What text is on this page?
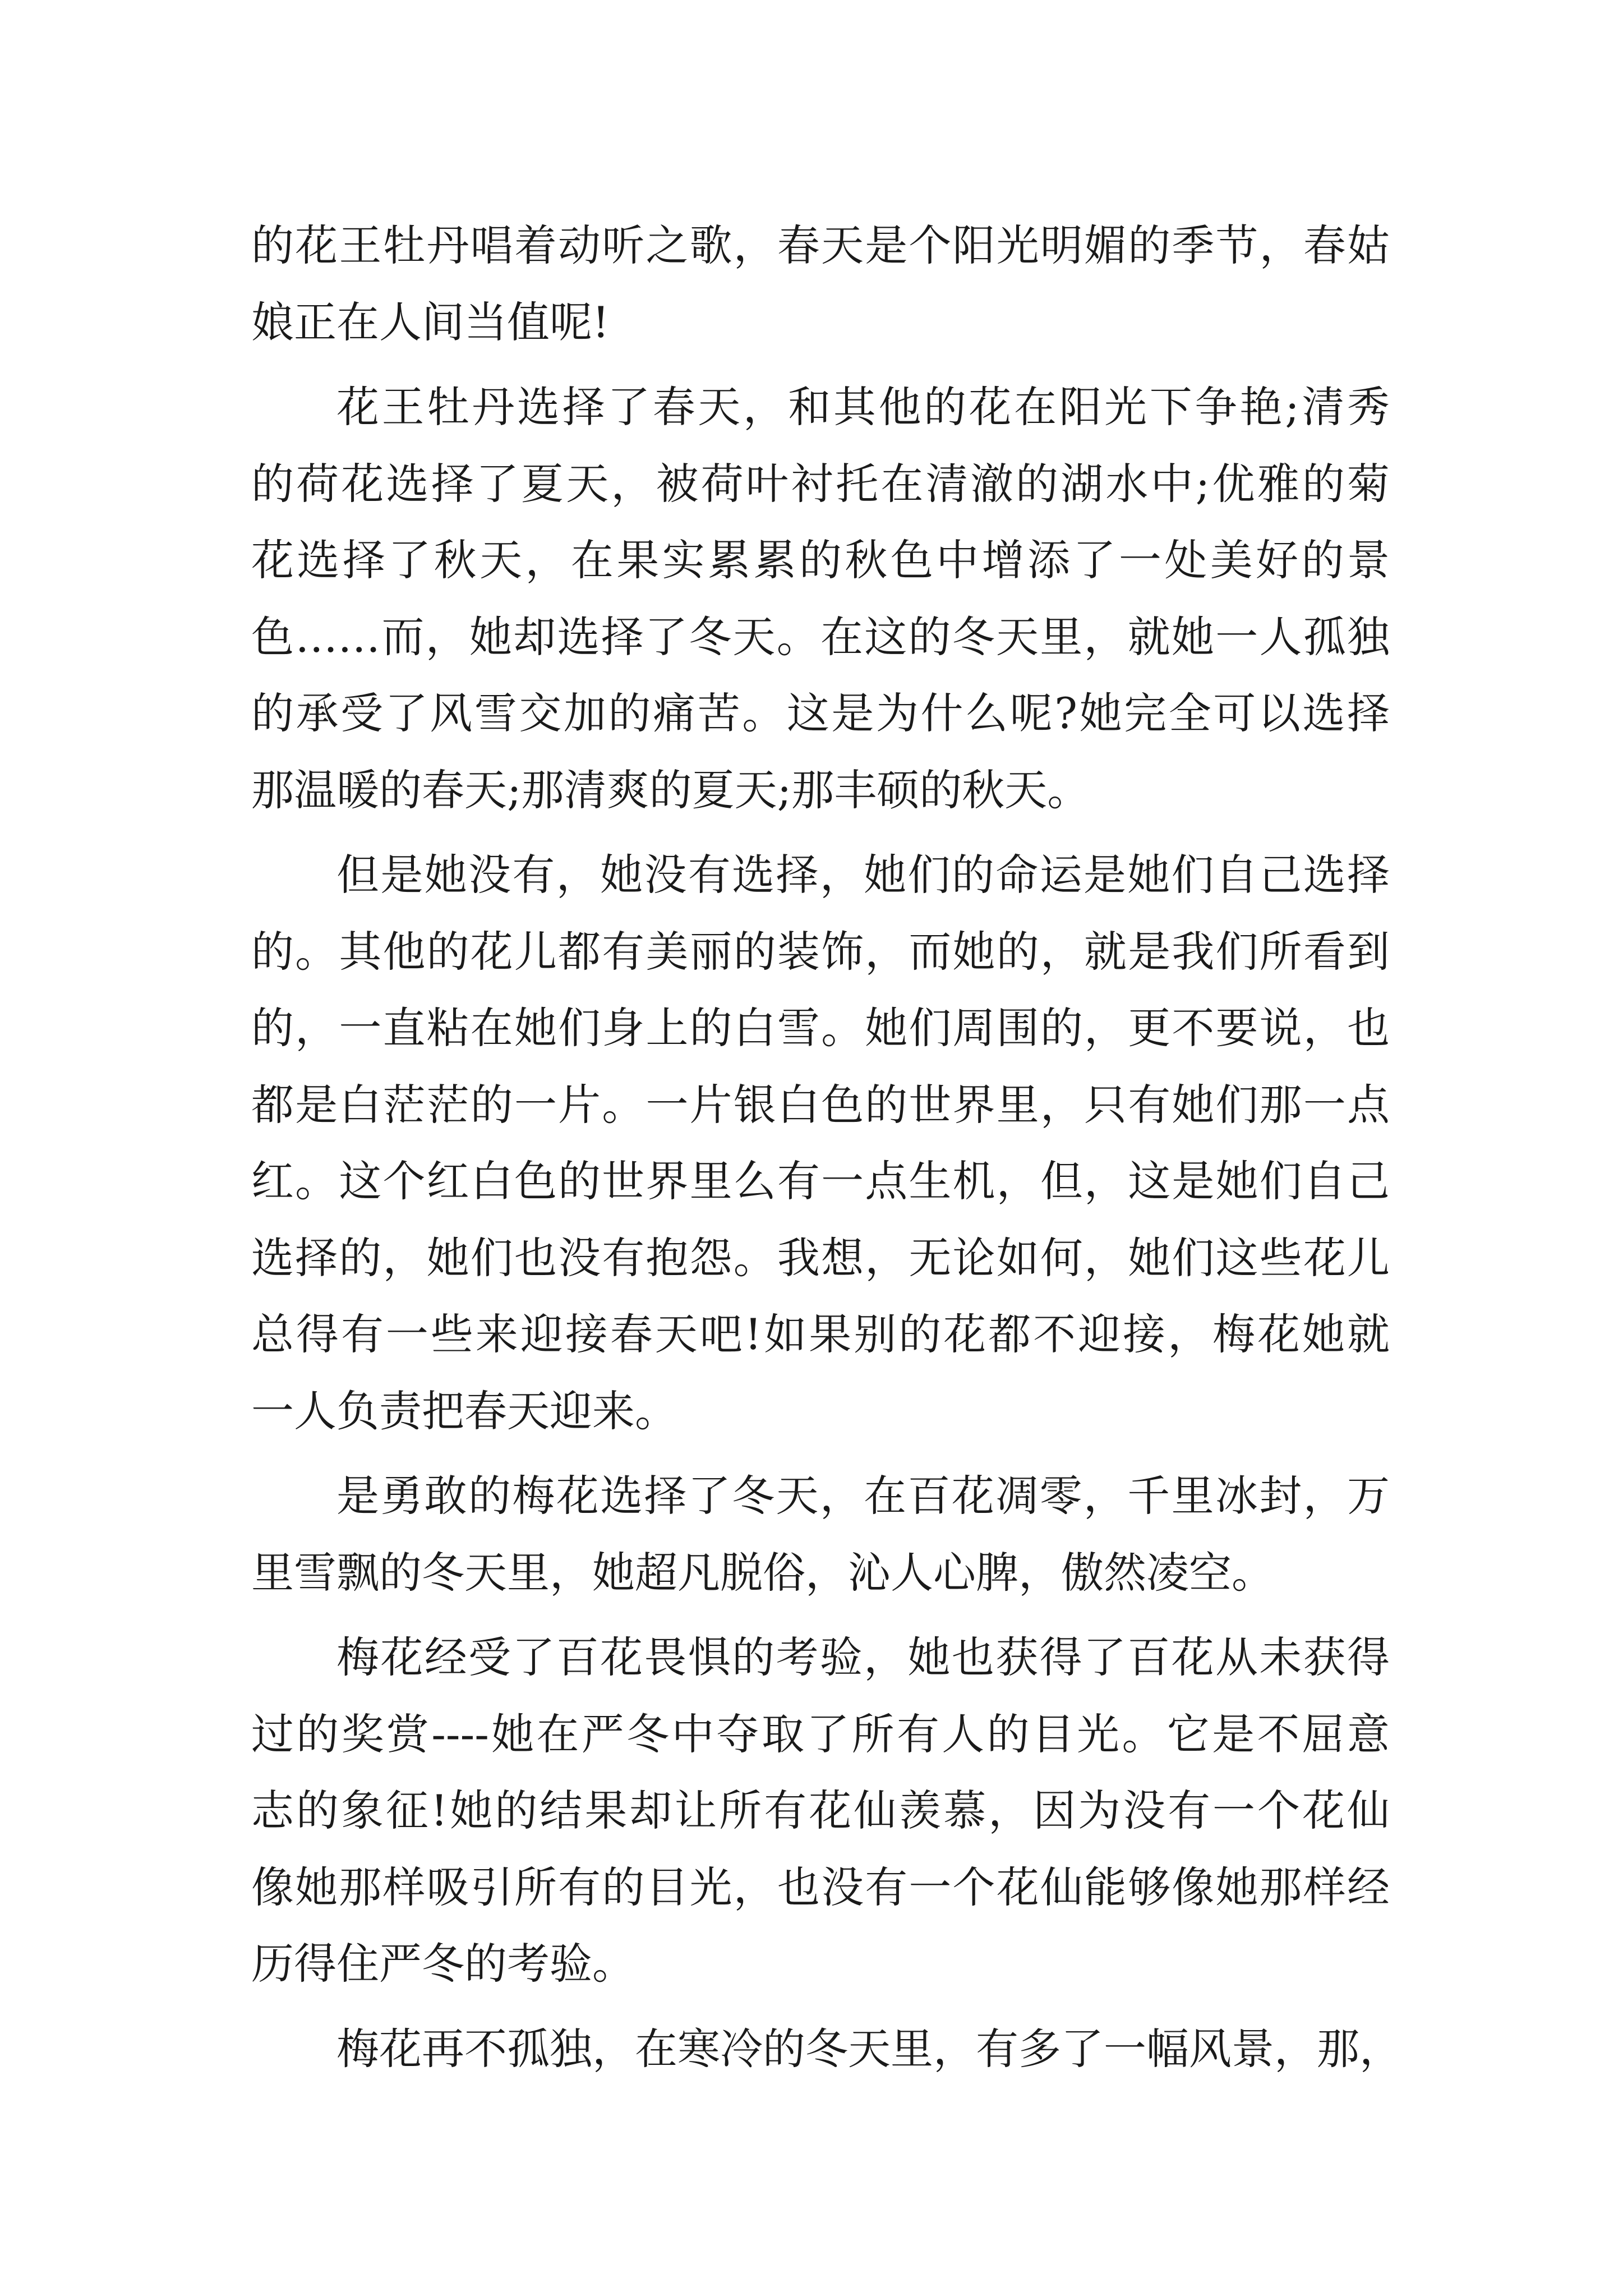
的花王牡丹唱着动听之歌，春天是个阳光明媚的季节，春姑
娘正在人间当值呢!
花王牡丹选择了春天，和其他的花在阳光下争艳;清秀
的荷花选择了夏天，被荷叶衬托在清澈的湖水中;优雅的菊
花选择了秋天，在果实累累的秋色中增添了一处美好的景
色……而，她却选择了冬天。在这的冬天里，就她一人孤独
的承受了风雪交加的痛苦。这是为什么呢?她完全可以选择
那温暖的春天;那清爽的夏天;那丰硕的秋天。
但是她没有，她没有选择，她们的命运是她们自己选择
的。其他的花儿都有美丽的装饰，而她的，就是我们所看到
的，一直粘在她们身上的白雪。她们周围的，更不要说，也
都是白茫茫的一片。一片银白色的世界里，只有她们那一点
红。这个红白色的世界里么有一点生机，但，这是她们自己
选择的，她们也没有抱怨。我想，无论如何，她们这些花儿
总得有一些来迎接春天吧!如果别的花都不迎接，梅花她就
一人负责把春天迎来。
是勇敢的梅花选择了冬天，在百花凋零，千里冰封，万
里雪飘的冬天里，她超凡脱俗，沁人心脾，傲然凌空。
梅花经受了百花畏惧的考验，她也获得了百花从未获得
过的奖赏----她在严冬中夺取了所有人的目光。它是不屈意
志的象征!她的结果却让所有花仙羡慕，因为没有一个花仙
像她那样吸引所有的目光，也没有一个花仙能够像她那样经
历得住严冬的考验。
梅花再不孤独，在寒冷的冬天里，有多了一幅风景，那，
